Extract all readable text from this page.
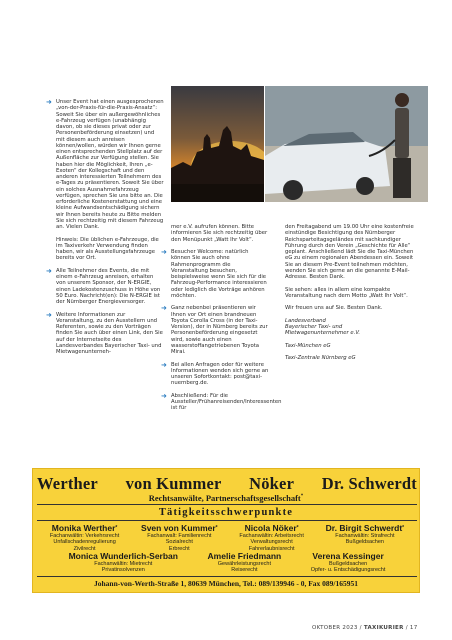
➜ Unser Event hat einen ausgesprochenen „von-der-Praxis-für-die-Praxis-Ansatz“: Soweit Sie über ein außergewöhnliches e-Fahrzeug verfügen (unabhängig davon, ob sie dieses privat oder zur Personenbeförderung einsetzen) und mit diesem auch anreisen können/wollen, würden wir Ihnen gerne einen entsprechenden Stellplatz auf der Außenfläche zur Verfügung stellen. Sie haben hier die Möglichkeit, Ihren „e-Exoten“ der Kollegschaft und den anderen interessierten Teilnehmern des e-Tages zu präsentieren. Soweit Sie über ein solches Ausnahmefahrzeug verfügen, sprechen Sie uns bitte an. Die erforderliche Kostenerstattung und eine kleine Aufwandsentschädigung sichern wir Ihnen bereits heute zu Bitte melden Sie sich rechtzeitig mit diesem Fahrzeug an. Vielen Dank.

Hinweis: Die üblichen e-Fahrzeuge, die im Taxiverkehr Verwendung finden haben, wir als Ausstellungsfahrzeuge bereits vor Ort.

➜ Alle Teilnehmer des Events, die mit einem e-Fahrzeug anreisen, erhalten von unserem Sponsor, der N-ERGIE, einen Ladekostenzuschuss in Höhe von 50 Euro. Nachricht(en): Die N-ERGIE ist der Nürnberger Energieversorger.

➜ Weitere Informationen zur Veranstaltung, zu den Ausstellern und Referenten, sowie zu den Vorträgen finden Sie auch über einen Link, den Sie auf der Internetseite des Landesverbandes Bayerischer Taxi- und Mietwagenunterneh-

mer e.V. aufrufen können. Bitte informieren Sie sich rechtzeitig über den Menüpunkt „Watt Ihr Volt“.

➜ Besucher Welcome: natürlich können Sie auch ohne Rahmenprogramm die Veranstaltung besuchen, beispielsweise wenn Sie sich für die Fahrzeug-Performance interessieren oder lediglich die Vorträge anhören möchten.

➜ Ganz nebenbei präsentieren wir Ihnen vor Ort einen brandneuen Toyota Corolla Cross (in der Taxi-Version), der in Nürnberg bereits zur Personenbeförderung eingesetzt wird, sowie auch einen wasserstoffangetriebenen Toyota Mirai.

➜ Bei allen Anfragen oder für weitere Informationen wenden sich gerne an unseren Sofortkontakt: post@taxi-nuernberg.de.

➜ Abschließend: Für die Aussteller/Frühanreisenden/Interessenten ist für

den Freitagabend um 19.00 Uhr eine kostenfreie einstündige Besichtigung des Nürnberger Reichsparteitagsgeländes mit sachkundiger Führung durch den Verein „Geschichte für Alle“ geplant. Anschließend lädt Sie die Taxi-München eG zu einem regionalen Abendessen ein. Soweit Sie an diesem Pre-Event teilnehmen möchten, wenden Sie sich gerne an die genannte E-Mail-Adresse. Besten Dank.

Sie sehen: alles in allem eine kompakte Veranstaltung nach dem Motto „Watt Ihr Volt“.

Wir freuen uns auf Sie. Besten Dank.

Landesverband
Bayerischer Taxi- und
Mietwagenunternehmer e.V.

Taxi-München eG

Taxi-Zentrale Nürnberg eG

Werther von Kummer Nöker Dr. Schwerdt
Rechtsanwälte, Partnerschaftsgesellschaft*
Tätigkeitsschwerpunkte
Monika Werther*
Fachanwältin: Verkehrsrecht
Unfallschadenregulierung
Zivilrecht
Sven von Kummer*
Fachanwalt: Familienrecht
Sozialrecht
Erbrecht
Nicola Nöker*
Fachanwältin: Arbeitsrecht
Verwaltungsrecht
Fahrerlaubnisrecht
Dr. Birgit Schwerdt*
Fachanwältin: Strafrecht
Bußgeldsachen
Monica Wunderlich-Serban
Fachanwältin: Mietrecht
Privatinsolvenzen
Amelie Friedmann
Gewährleistungsrecht
Reiserecht
Verena Kessinger
Bußgeldsachen
Opfer- u. Entschädigungsrecht
Johann-von-Werth-Straße 1, 80639 München, Tel.: 089/139946 - 0, Fax 089/165951
OKTOBER 2023 / TAXIKURIER / 17
